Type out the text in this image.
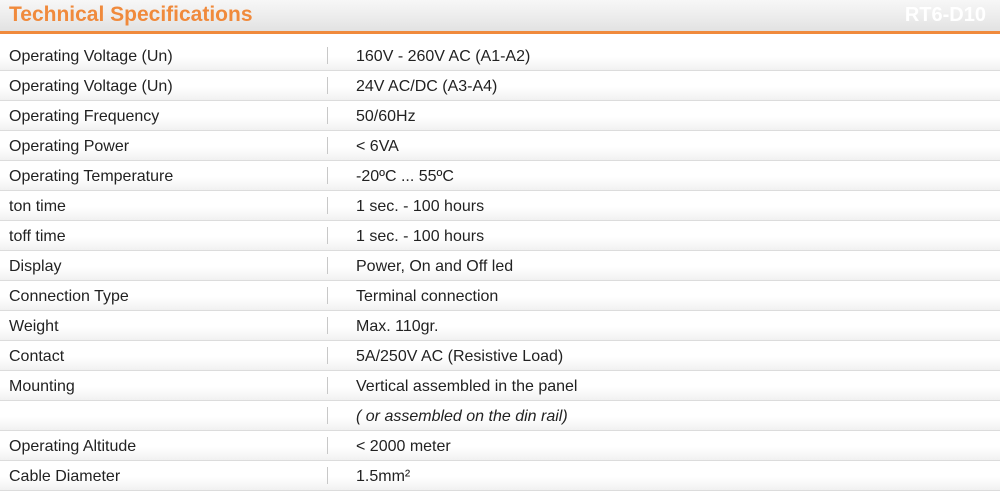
Technical Specifications	RT6-D10
Operating Voltage (Un)	160V - 260V AC (A1-A2)
Operating Voltage (Un)	24V AC/DC (A3-A4)
Operating Frequency	50/60Hz
Operating Power	< 6VA
Operating Temperature	-20ºC ... 55ºC
ton time	1 sec. - 100 hours
toff time	1 sec. - 100 hours
Display	Power, On and Off led
Connection Type	Terminal connection
Weight	Max. 110gr.
Contact	5A/250V AC (Resistive Load)
Mounting	Vertical assembled in the panel
( or assembled on the din rail)
Operating Altitude	< 2000 meter
Cable Diameter	1.5mm²
